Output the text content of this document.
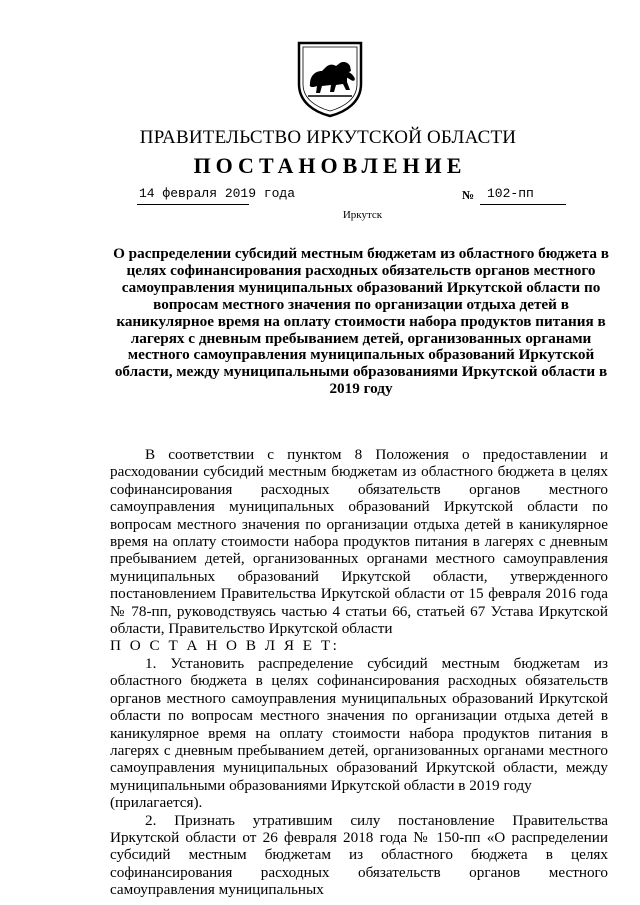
ПРАВИТЕЛЬСТВО ИРКУТСКОЙ ОБЛАСТИ
ПОСТАНОВЛЕНИЕ
14 февраля 2019 года	№ 102-пп
Иркутск
О распределении субсидий местным бюджетам из областного бюджета в целях софинансирования расходных обязательств органов местного самоуправления муниципальных образований Иркутской области по вопросам местного значения по организации отдыха детей в каникулярное время на оплату стоимости набора продуктов питания в лагерях с дневным пребыванием детей, организованных органами местного самоуправления муниципальных образований Иркутской области, между муниципальными образованиями Иркутской области в 2019 году

В соответствии с пунктом 8 Положения о предоставлении и расходовании субсидий местным бюджетам из областного бюджета в целях софинансирования расходных обязательств органов местного самоуправления муниципальных образований Иркутской области по вопросам местного значения по организации отдыха детей в каникулярное время на оплату стоимости набора продуктов питания в лагерях с дневным пребыванием детей, организованных органами местного самоуправления муниципальных образований Иркутской области, утвержденного постановлением Правительства Иркутской области от 15 февраля 2016 года № 78-пп, руководствуясь частью 4 статьи 66, статьей 67 Устава Иркутской области, Правительство Иркутской области

П О С Т А Н О В Л Я Е Т:

1. Установить распределение субсидий местным бюджетам из областного бюджета в целях софинансирования расходных обязательств органов местного самоуправления муниципальных образований Иркутской области по вопросам местного значения по организации отдыха детей в каникулярное время на оплату стоимости набора продуктов питания в лагерях с дневным пребыванием детей, организованных органами местного самоуправления муниципальных образований Иркутской области, между муниципальными образованиями Иркутской области в 2019 году

(прилагается).

2. Признать утратившим силу постановление Правительства Иркутской области от 26 февраля 2018 года № 150-пп «О распределении субсидий местным бюджетам из областного бюджета в целях софинансирования расходных обязательств органов местного самоуправления муниципальных
